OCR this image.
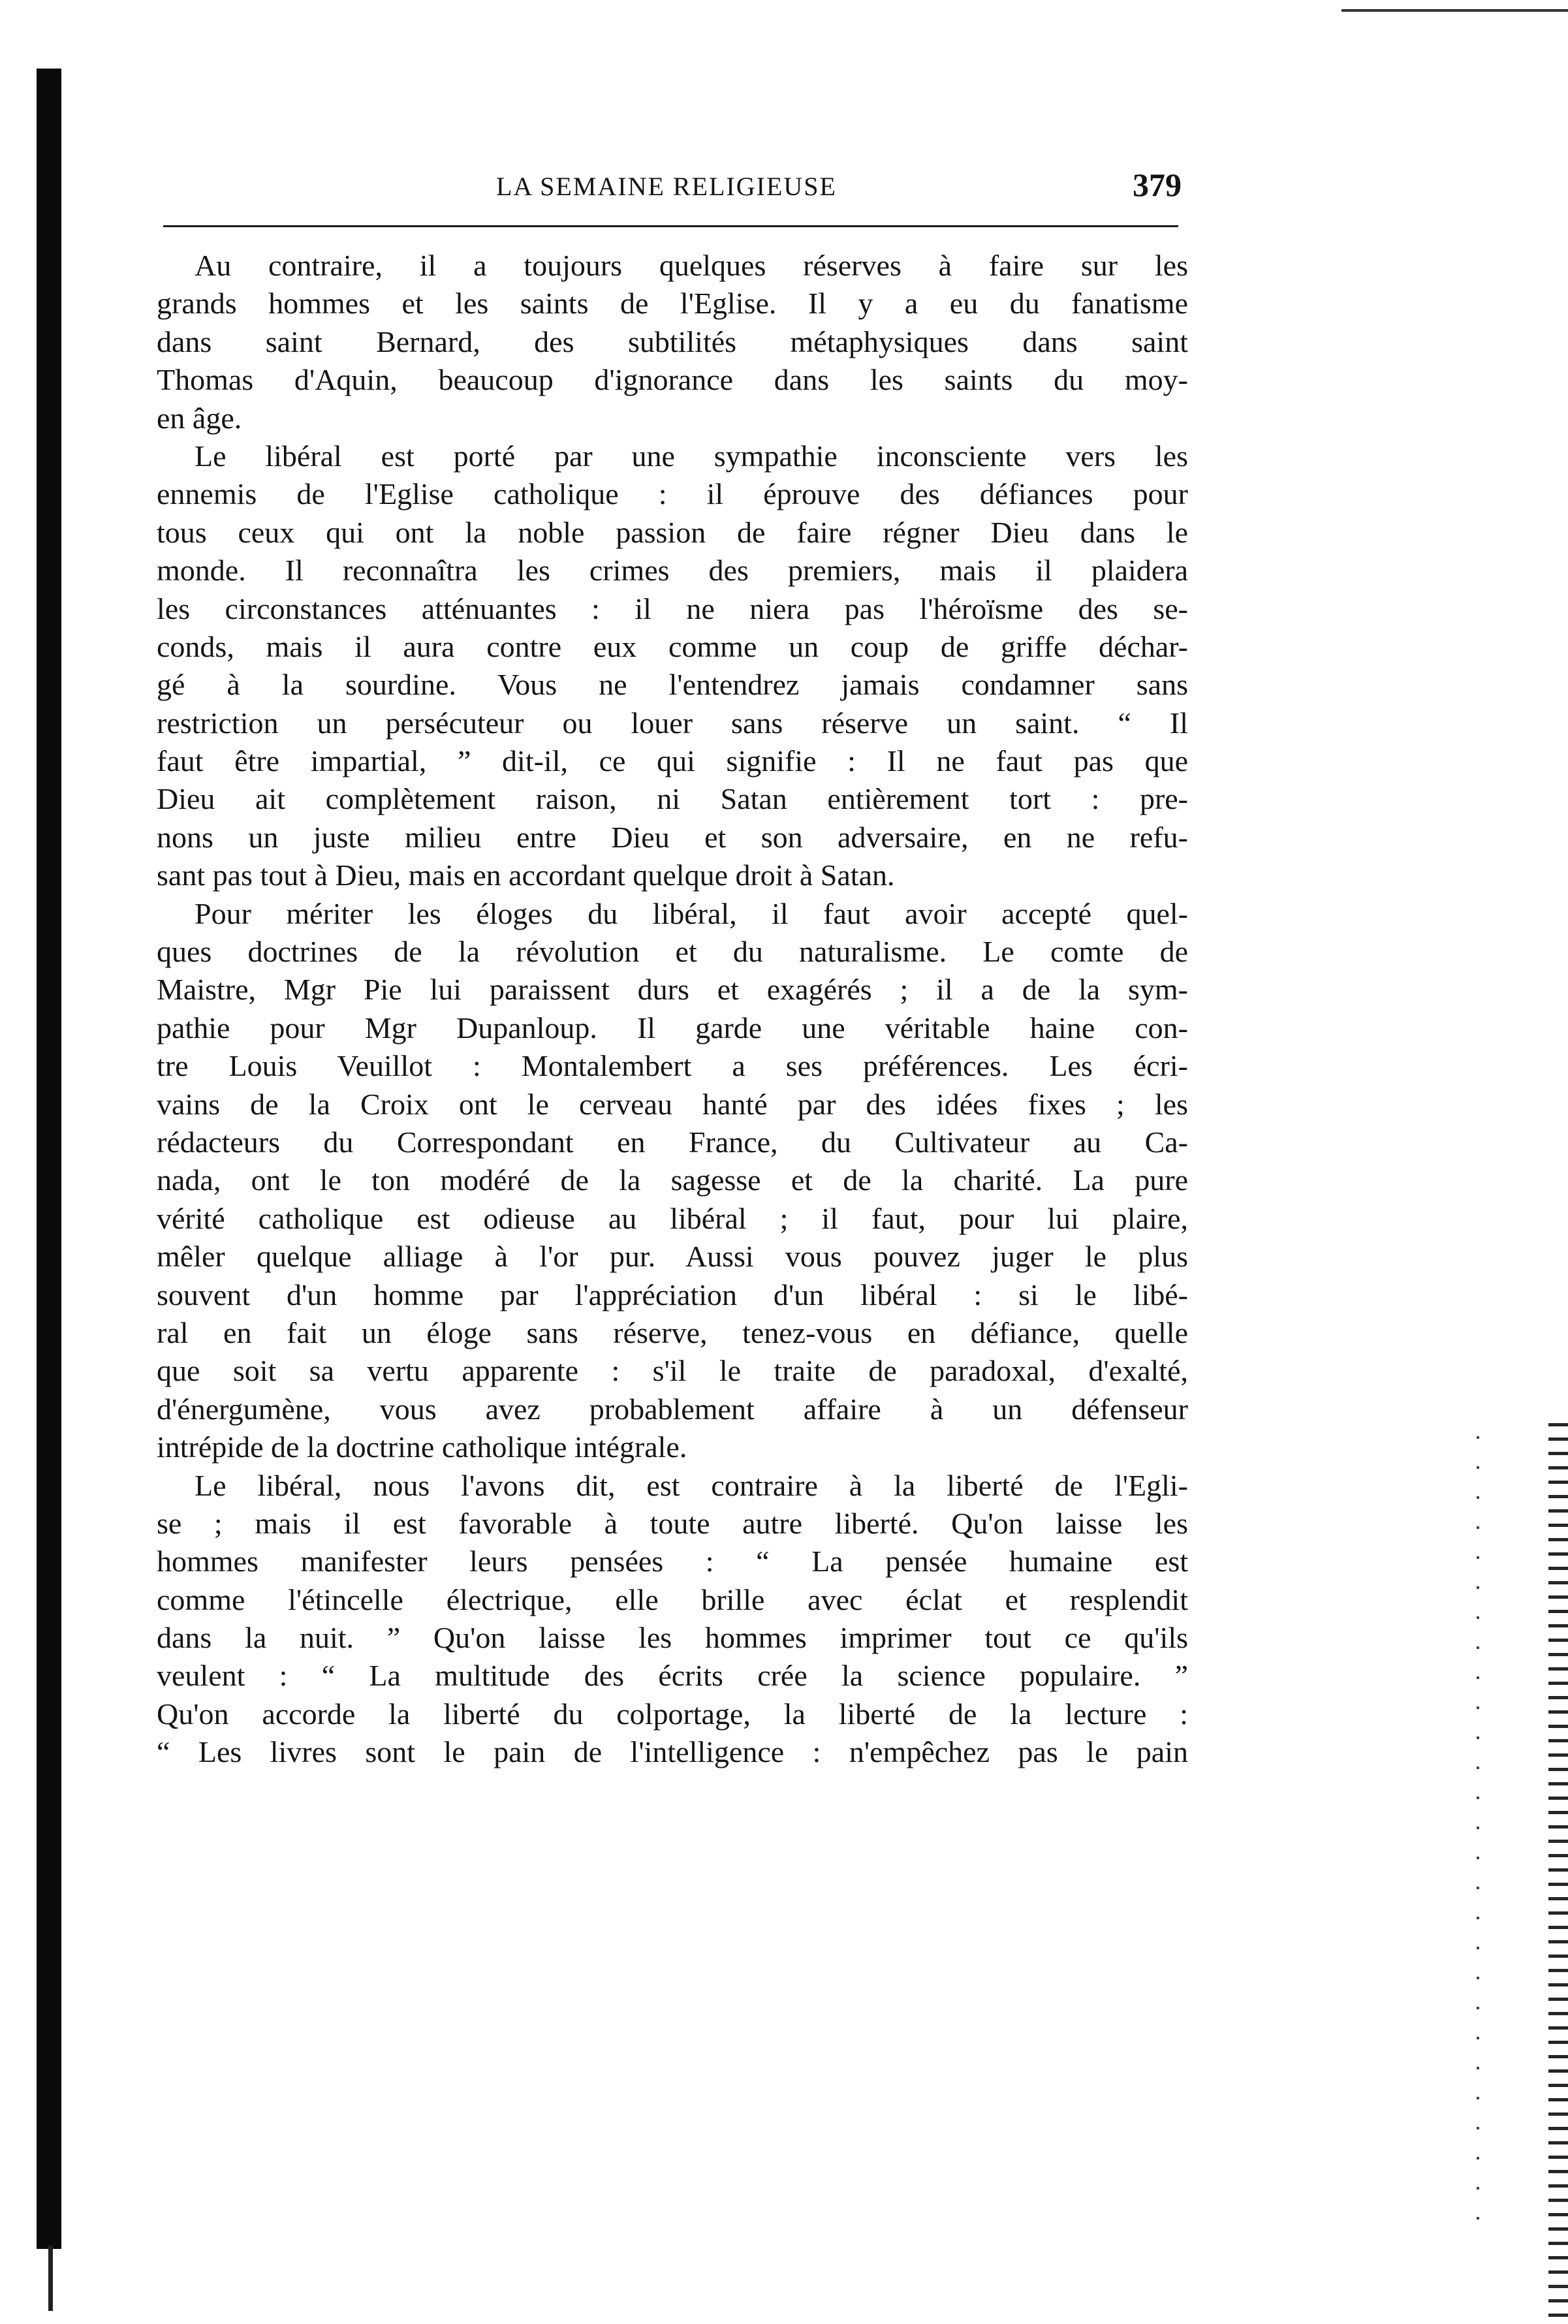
LA SEMAINE RELIGIEUSE	379
Au contraire, il a toujours quelques réserves à faire sur les
grands hommes et les saints de l'Eglise. Il y a eu du fanatisme
dans saint Bernard, des subtilités métaphysiques dans saint
Thomas d'Aquin, beaucoup d'ignorance dans les saints du moy-
en âge.
Le libéral est porté par une sympathie inconsciente vers les
ennemis de l'Eglise catholique : il éprouve des défiances pour
tous ceux qui ont la noble passion de faire régner Dieu dans le
monde. Il reconnaîtra les crimes des premiers, mais il plaidera
les circonstances atténuantes : il ne niera pas l'héroïsme des se-
conds, mais il aura contre eux comme un coup de griffe déchar-
gé à la sourdine. Vous ne l'entendrez jamais condamner sans
restriction un persécuteur ou louer sans réserve un saint. “ Il
faut être impartial, ” dit-il, ce qui signifie : Il ne faut pas que
Dieu ait complètement raison, ni Satan entièrement tort : pre-
nons un juste milieu entre Dieu et son adversaire, en ne refu-
sant pas tout à Dieu, mais en accordant quelque droit à Satan.
Pour mériter les éloges du libéral, il faut avoir accepté quel-
ques doctrines de la révolution et du naturalisme. Le comte de
Maistre, Mgr Pie lui paraissent durs et exagérés ; il a de la sym-
pathie pour Mgr Dupanloup. Il garde une véritable haine con-
tre Louis Veuillot : Montalembert a ses préférences. Les écri-
vains de la Croix ont le cerveau hanté par des idées fixes ; les
rédacteurs du Correspondant en France, du Cultivateur au Ca-
nada, ont le ton modéré de la sagesse et de la charité. La pure
vérité catholique est odieuse au libéral ; il faut, pour lui plaire,
mêler quelque alliage à l'or pur. Aussi vous pouvez juger le plus
souvent d'un homme par l'appréciation d'un libéral : si le libé-
ral en fait un éloge sans réserve, tenez-vous en défiance, quelle
que soit sa vertu apparente : s'il le traite de paradoxal, d'exalté,
d'énergumène, vous avez probablement affaire à un défenseur
intrépide de la doctrine catholique intégrale.
Le libéral, nous l'avons dit, est contraire à la liberté de l'Egli-
se ; mais il est favorable à toute autre liberté. Qu'on laisse les
hommes manifester leurs pensées : “ La pensée humaine est
comme l'étincelle électrique, elle brille avec éclat et resplendit
dans la nuit. ” Qu'on laisse les hommes imprimer tout ce qu'ils
veulent : “ La multitude des écrits crée la science populaire. ”
Qu'on accorde la liberté du colportage, la liberté de la lecture :
“ Les livres sont le pain de l'intelligence : n'empêchez pas le pain
